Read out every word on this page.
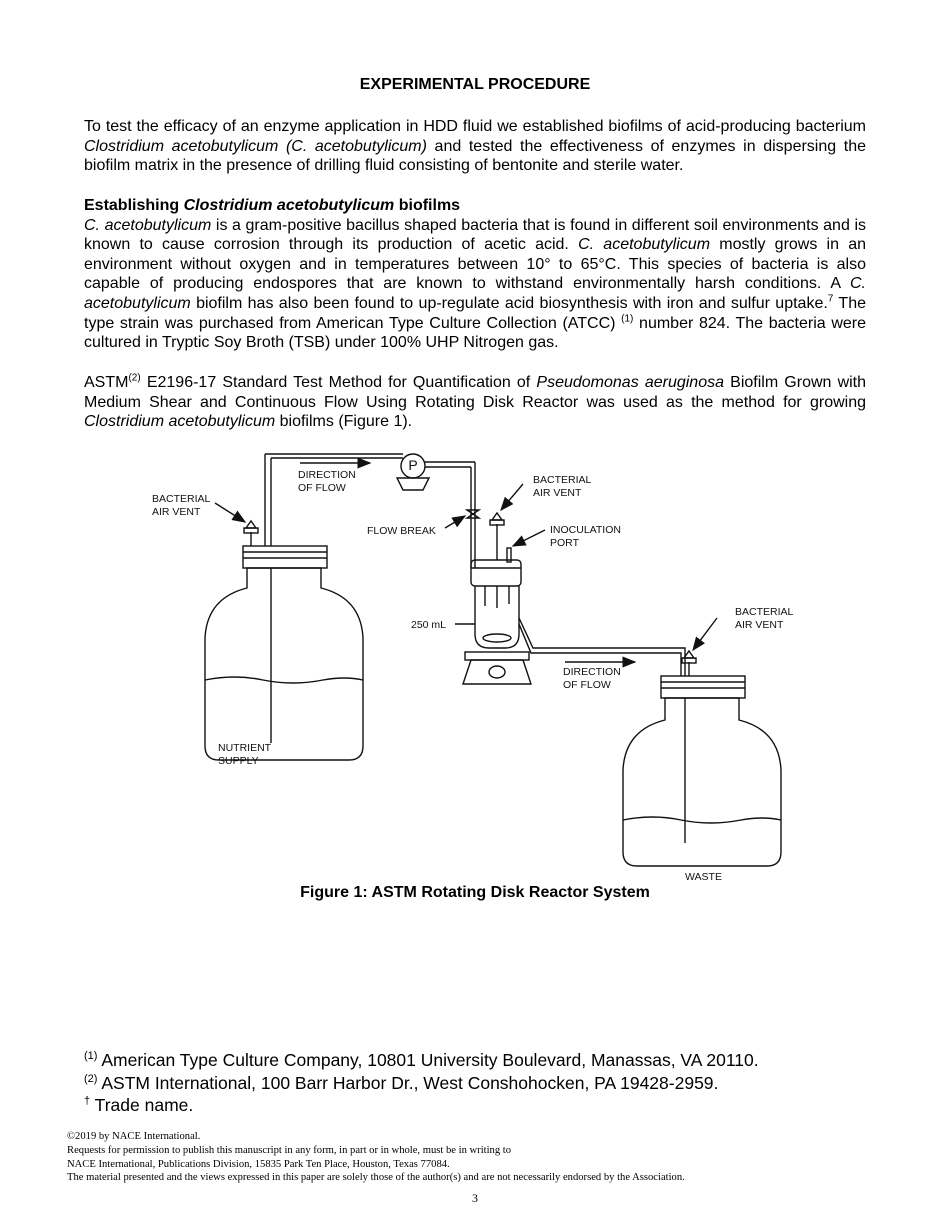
EXPERIMENTAL PROCEDURE

To test the efficacy of an enzyme application in HDD fluid we established biofilms of acid-producing bacterium Clostridium acetobutylicum (C. acetobutylicum) and tested the effectiveness of enzymes in dispersing the biofilm matrix in the presence of drilling fluid consisting of bentonite and sterile water.

Establishing Clostridium acetobutylicum biofilms
C. acetobutylicum is a gram-positive bacillus shaped bacteria that is found in different soil environments and is known to cause corrosion through its production of acetic acid. C. acetobutylicum mostly grows in an environment without oxygen and in temperatures between 10° to 65°C. This species of bacteria is also capable of producing endospores that are known to withstand environmentally harsh conditions. A C. acetobutylicum biofilm has also been found to up-regulate acid biosynthesis with iron and sulfur uptake.$^7$ The type strain was purchased from American Type Culture Collection (ATCC) $^{(1)}$ number 824. The bacteria were cultured in Tryptic Soy Broth (TSB) under 100% UHP Nitrogen gas.

ASTM$^{(2)}$ E2196-17 Standard Test Method for Quantification of Pseudomonas aeruginosa Biofilm Grown with Medium Shear and Continuous Flow Using Rotating Disk Reactor was used as the method for growing Clostridium acetobutylicum biofilms (Figure 1).

P
DIRECTION
OF FLOW
BACTERIAL
AIR VENT
BACTERIAL
AIR VENT
FLOW BREAK	INOCULATION
PORT
250 mL
BACTERIAL
AIR VENT
DIRECTION
OF FLOW
NUTRIENT
SUPPLY
WASTE
Figure 1: ASTM Rotating Disk Reactor System
$^{(1)}$ American Type Culture Company, 10801 University Boulevard, Manassas, VA 20110.
$^{(2)}$ ASTM International, 100 Barr Harbor Dr., West Conshohocken, PA 19428-2959.
† Trade name.
©2019 by NACE International.
Requests for permission to publish this manuscript in any form, in part or in whole, must be in writing to
NACE International, Publications Division, 15835 Park Ten Place, Houston, Texas 77084.
The material presented and the views expressed in this paper are solely those of the author(s) and are not necessarily endorsed by the Association.
3
